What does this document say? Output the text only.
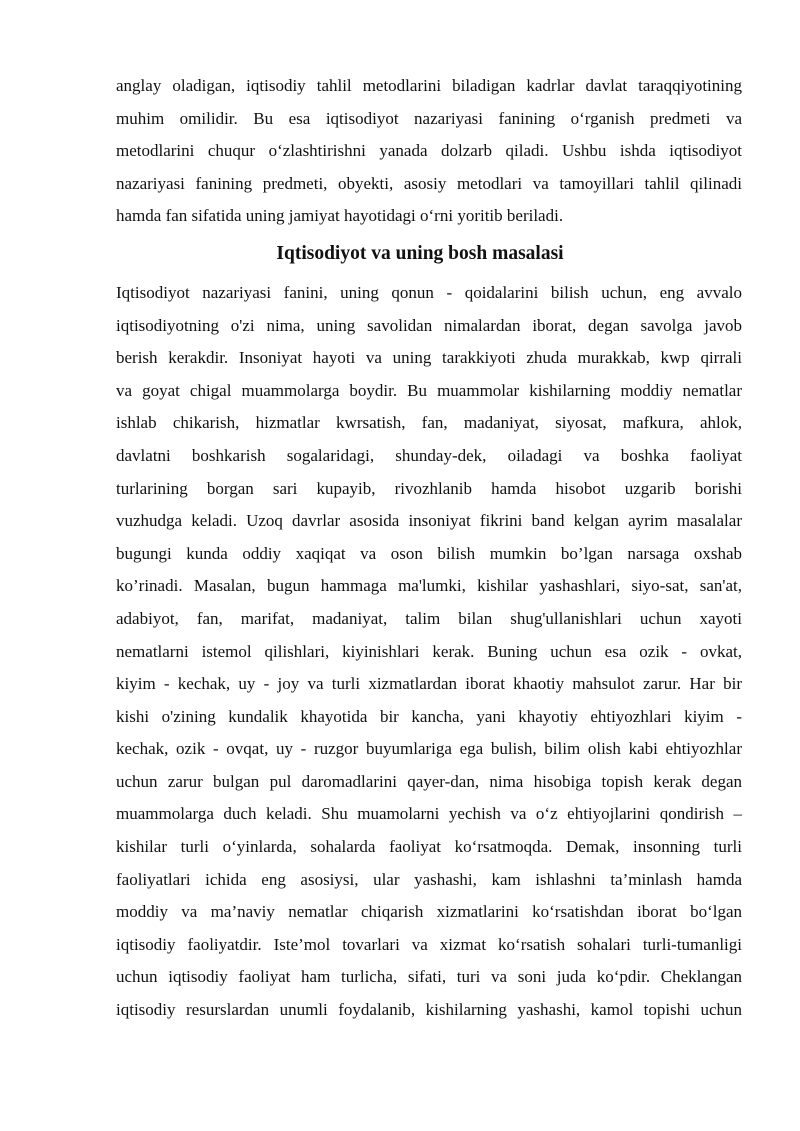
anglay oladigan, iqtisodiy tahlil metodlarini biladigan kadrlar davlat taraqqiyotining
muhim omilidir. Bu esa iqtisodiyot nazariyasi fanining o‘rganish predmeti va
metodlarini chuqur o‘zlashtirishni yanada dolzarb qiladi. Ushbu ishda iqtisodiyot
nazariyasi fanining predmeti, obyekti, asosiy metodlari va tamoyillari tahlil qilinadi
hamda fan sifatida uning jamiyat hayotidagi o‘rni yoritib beriladi.

Iqtisodiyot va uning bosh masalasi

Iqtisodiyot nazariyasi fanini, uning qonun - qoidalarini bilish uchun, eng avvalo
iqtisodiyotning o'zi nima, uning savolidan nimalardan iborat, degan savolga javob
berish kerakdir. Insoniyat hayoti va uning tarakkiyoti zhuda murakkab, kwp qirrali
va goyat chigal muammolarga boydir. Bu muammolar kishilarning moddiy nematlar
ishlab chikarish, hizmatlar kwrsatish, fan, madaniyat, siyosat, mafkura, ahlok,
davlatni boshkarish sogalaridagi, shunday-dek, oiladagi va boshka faoliyat
turlarining borgan sari kupayib, rivozhlanib hamda hisobot uzgarib borishi
vuzhudga keladi. Uzoq davrlar asosida insoniyat fikrini band kelgan ayrim masalalar
bugungi kunda oddiy xaqiqat va oson bilish mumkin bo’lgan narsaga oxshab
ko’rinadi. Masalan, bugun hammaga ma'lumki, kishilar yashashlari, siyo-sat, san'at,
adabiyot, fan, marifat, madaniyat, talim bilan shug'ullanishlari uchun xayoti
nematlarni istemol qilishlari, kiyinishlari kerak. Buning uchun esa ozik - ovkat,
kiyim - kechak, uy - joy va turli xizmatlardan iborat khaotiy mahsulot zarur. Har bir
kishi o'zining kundalik khayotida bir kancha, yani khayotiy ehtiyozhlari kiyim -
kechak, ozik - ovqat, uy - ruzgor buyumlariga ega bulish, bilim olish kabi ehtiyozhlar
uchun zarur bulgan pul daromadlarini qayer-dan, nima hisobiga topish kerak degan
muammolarga duch keladi. Shu muamolarni yechish va o‘z ehtiyojlarini qondirish –
kishilar turli o‘yinlarda, sohalarda faoliyat ko‘rsatmoqda. Demak, insonning turli
faoliyatlari ichida eng asosiysi, ular yashashi, kam ishlashni ta’minlash hamda
moddiy va ma’naviy nematlar chiqarish xizmatlarini ko‘rsatishdan iborat bo‘lgan
iqtisodiy faoliyatdir. Iste’mol tovarlari va xizmat ko‘rsatish sohalari turli-tumanligi
uchun iqtisodiy faoliyat ham turlicha, sifati, turi va soni juda ko‘pdir. Cheklangan
iqtisodiy resurslardan unumli foydalanib, kishilarning yashashi, kamol topishi uchun
